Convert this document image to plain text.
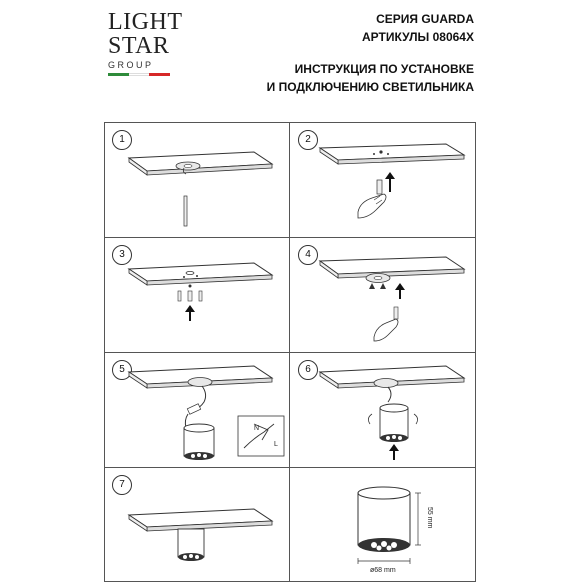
LIGHT
STAR
GROUP
СЕРИЯ GUARDA
АРТИКУЛЫ 08064X
ИНСТРУКЦИЯ ПО УСТАНОВКЕ
И ПОДКЛЮЧЕНИЮ СВЕТИЛЬНИКА
1	2
3	4
5
N
L
6
7
55 mm
ø68 mm
